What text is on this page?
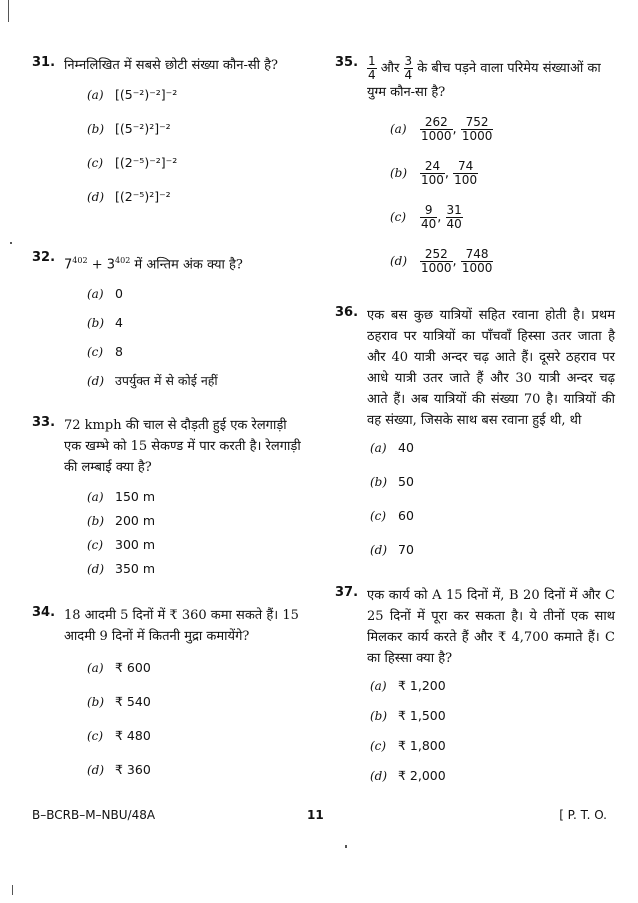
31. निम्नलिखित में सबसे छोटी संख्या कौन-सी है?
(a) [(5⁻²)⁻²]⁻²
(b) [(5⁻²)²]⁻²
(c) [(2⁻⁵)⁻²]⁻²
(d) [(2⁻⁵)²]⁻²
32. $7^{402} + 3^{402}$ में अन्तिम अंक क्या है?
(a) 0
(b) 4
(c) 8
(d) उपर्युक्त में से कोई नहीं
33. 72 kmph की चाल से दौड़ती हुई एक रेलगाड़ी एक खम्भे को 15 सेकण्ड में पार करती है। रेलगाड़ी की लम्बाई क्या है?
(a) 150 m
(b) 200 m
(c) 300 m
(d) 350 m
34. 18 आदमी 5 दिनों में ₹ 360 कमा सकते हैं। 15 आदमी 9 दिनों में कितनी मुद्रा कमायेंगे?
(a) ₹ 600
(b) ₹ 540
(c) ₹ 480
(d) ₹ 360
35. $\frac{1}{4}$ और $\frac{3}{4}$ के बीच पड़ने वाला परिमेय संख्याओं का युग्म कौन-सा है?
(a)	$\frac{262}{1000}$ , $\frac{752}{1000}$
(b)	$\frac{24}{100}$ , $\frac{74}{100}$
(c)	$\frac{9}{40}$ , $\frac{31}{40}$
(d)	$\frac{252}{1000}$ , $\frac{748}{1000}$
36. एक बस कुछ यात्रियों सहित रवाना होती है। प्रथम ठहराव पर यात्रियों का पाँचवाँ हिस्सा उतर जाता है और 40 यात्री अन्दर चढ़ आते हैं। दूसरे ठहराव पर आधे यात्री उतर जाते हैं और 30 यात्री अन्दर चढ़ आते हैं। अब यात्रियों की संख्या 70 है। यात्रियों की वह संख्या, जिसके साथ बस रवाना हुई थी, थी
(a) 40
(b) 50
(c) 60
(d) 70
37. एक कार्य को A 15 दिनों में, B 20 दिनों में और C 25 दिनों में पूरा कर सकता है। ये तीनों एक साथ मिलकर कार्य करते हैं और ₹ 4,700 कमाते हैं। C का हिस्सा क्या है?
(a) ₹ 1,200
(b) ₹ 1,500
(c) ₹ 1,800
(d) ₹ 2,000
B–BCRB–M–NBU/48A	11	[ P. T. O.
